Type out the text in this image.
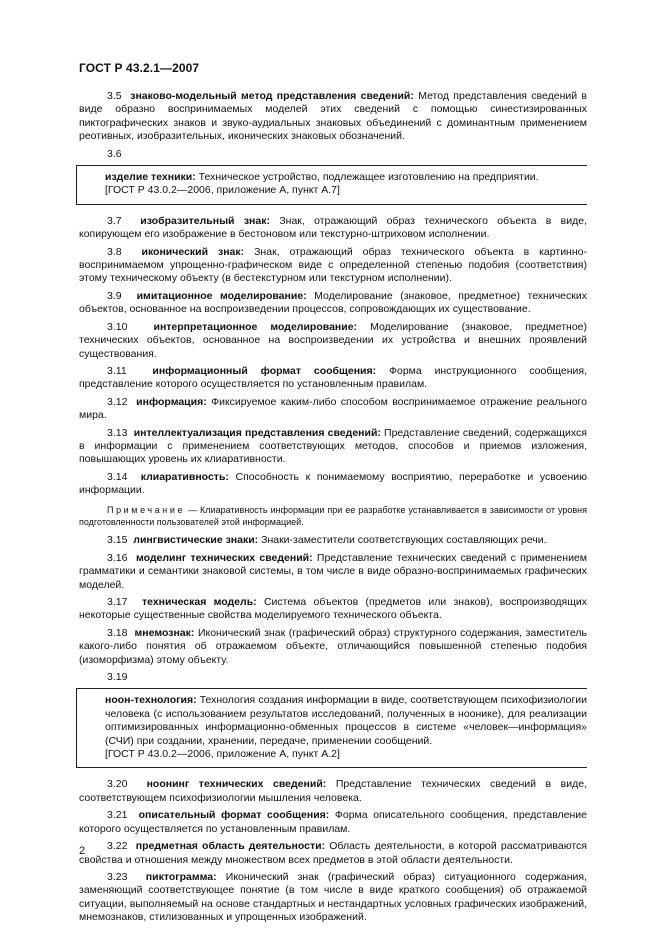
ГОСТ Р 43.2.1—2007

3.5 знаково-модельный метод представления сведений: Метод представления сведений в виде образно воспринимаемых моделей этих сведений с помощью синестизированных пиктографических знаков и звуко-аудиальных знаковых объединений с доминантным применением реотивных, изобразительных, иконических знаковых обозначений.

3.6

изделие техники: Техническое устройство, подлежащее изготовлению на предприятии.

[ГОСТ Р 43.0.2—2006, приложение А, пункт А.7]

3.7 изобразительный знак: Знак, отражающий образ технического объекта в виде, копирующем его изображение в бестоновом или текстурно-штриховом исполнении.

3.8 иконический знак: Знак, отражающий образ технического объекта в картинно-воспринимаемом упрощенно-графическом виде с определенной степенью подобия (соответствия) этому техническому объекту (в бестекстурном или текстурном исполнении).

3.9 имитационное моделирование: Моделирование (знаковое, предметное) технических объектов, основанное на воспроизведении процессов, сопровождающих их существование.

3.10 интерпретационное моделирование: Моделирование (знаковое, предметное) технических объектов, основанное на воспроизведении их устройства и внешних проявлений существования.

3.11 информационный формат сообщения: Форма инструкционного сообщения, представление которого осуществляется по установленным правилам.

3.12 информация: Фиксируемое каким-либо способом воспринимаемое отражение реального мира.

3.13 интеллектуализация представления сведений: Представление сведений, содержащихся в информации с применением соответствующих методов, способов и приемов изложения, повышающих уровень их клиаративности.

3.14 клиаративность: Способность к понимаемому восприятию, переработке и усвоению информации.

Примечание — Клиаративность информации при ее разработке устанавливается в зависимости от уровня подготовленности пользователей этой информацией.

3.15 лингвистические знаки: Знаки-заместители соответствующих составляющих речи.

3.16 моделинг технических сведений: Представление технических сведений с применением грамматики и семантики знаковой системы, в том числе в виде образно-воспринимаемых графических моделей.

3.17 техническая модель: Система объектов (предметов или знаков), воспроизводящих некоторые существенные свойства моделируемого технического объекта.

3.18 мнемознак: Иконический знак (графический образ) структурного содержания, заместитель какого-либо понятия об отражаемом объекте, отличающийся повышенной степенью подобия (изоморфизма) этому объекту.

3.19

ноон-технология: Технология создания информации в виде, соответствующем психофизиологии человека (с использованием результатов исследований, полученных в ноонике), для реализации оптимизированных информационно-обменных процессов в системе «человек—информация» (СЧИ) при создании, хранении, передаче, применении сообщений.

[ГОСТ Р 43.0.2—2006, приложение А, пункт А.2]

3.20 ноонинг технических сведений: Представление технических сведений в виде, соответствующем психофизиологии мышления человека.

3.21 описательный формат сообщения: Форма описательного сообщения, представление которого осуществляется по установленным правилам.

3.22 предметная область деятельности: Область деятельности, в которой рассматриваются свойства и отношения между множеством всех предметов в этой области деятельности.

3.23 пиктограмма: Иконический знак (графический образ) ситуационного содержания, заменяющий соответствующее понятие (в том числе в виде краткого сообщения) об отражаемой ситуации, выполняемый на основе стандартных и нестандартных условных графических изображений, мнемознаков, стилизованных и упрощенных изображений.

2
